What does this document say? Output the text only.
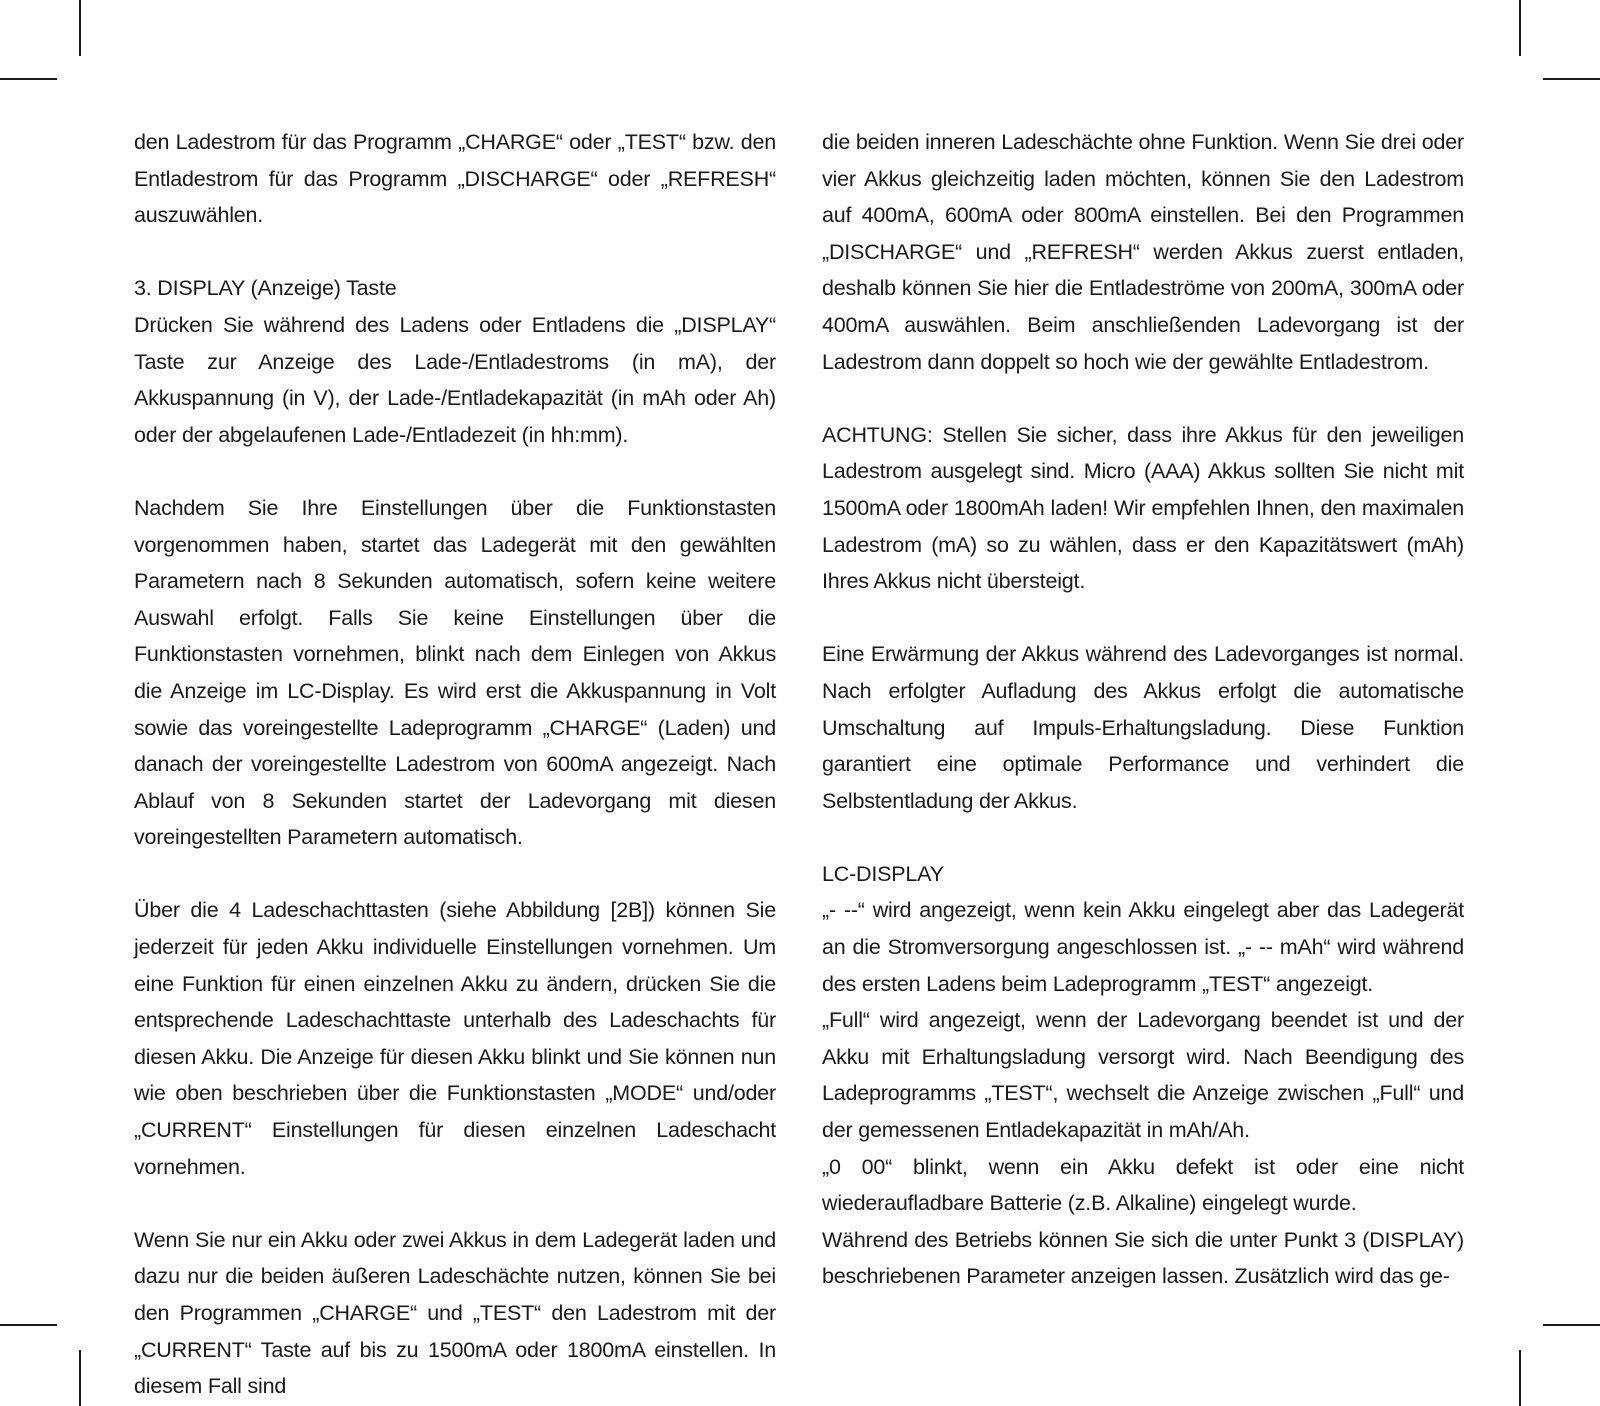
den Ladestrom für das Programm „CHARGE“ oder „TEST“ bzw. den Entladestrom für das Programm „DISCHARGE“ oder „REFRESH“ auszuwählen.

3. DISPLAY (Anzeige) Taste

Drücken Sie während des Ladens oder Entladens die „DISPLAY“ Taste zur Anzeige des Lade-/Entladestroms (in mA), der Akkuspannung (in V), der Lade-/Entladekapazität (in mAh oder Ah) oder der abgelaufenen Lade-/Entladezeit (in hh:mm).

Nachdem Sie Ihre Einstellungen über die Funktionstasten vorgenommen haben, startet das Ladegerät mit den gewählten Parametern nach 8 Sekunden automatisch, sofern keine weitere Auswahl erfolgt. Falls Sie keine Einstellungen über die Funktionstasten vornehmen, blinkt nach dem Einlegen von Akkus die Anzeige im LC-Display. Es wird erst die Akkuspannung in Volt sowie das voreingestellte Ladeprogramm „CHARGE“ (Laden) und danach der voreingestellte Ladestrom von 600mA angezeigt. Nach Ablauf von 8 Sekunden startet der Ladevorgang mit diesen voreingestellten Parametern automatisch.

Über die 4 Ladeschachttasten (siehe Abbildung [2B]) können Sie jederzeit für jeden Akku individuelle Einstellungen vornehmen. Um eine Funktion für einen einzelnen Akku zu ändern, drücken Sie die entsprechende Ladeschachttaste unterhalb des Ladeschachts für diesen Akku. Die Anzeige für diesen Akku blinkt und Sie können nun wie oben beschrieben über die Funktionstasten „MODE“ und/oder „CURRENT“ Einstellungen für diesen einzelnen Ladeschacht vornehmen.

Wenn Sie nur ein Akku oder zwei Akkus in dem Ladegerät laden und dazu nur die beiden äußeren Ladeschächte nutzen, können Sie bei den Programmen „CHARGE“ und „TEST“ den Ladestrom mit der „CURRENT“ Taste auf bis zu 1500mA oder 1800mA einstellen. In diesem Fall sind

die beiden inneren Ladeschächte ohne Funktion. Wenn Sie drei oder vier Akkus gleichzeitig laden möchten, können Sie den Ladestrom auf 400mA, 600mA oder 800mA einstellen. Bei den Programmen „DISCHARGE“ und „REFRESH“ werden Akkus zuerst entladen, deshalb können Sie hier die Entladeströme von 200mA, 300mA oder 400mA auswählen. Beim anschließenden Ladevorgang ist der Ladestrom dann doppelt so hoch wie der gewählte Entladestrom.

ACHTUNG: Stellen Sie sicher, dass ihre Akkus für den jeweiligen Ladestrom ausgelegt sind. Micro (AAA) Akkus sollten Sie nicht mit 1500mA oder 1800mAh laden! Wir empfehlen Ihnen, den maximalen Ladestrom (mA) so zu wählen, dass er den Kapazitätswert (mAh) Ihres Akkus nicht übersteigt.

Eine Erwärmung der Akkus während des Ladevorganges ist normal. Nach erfolgter Aufladung des Akkus erfolgt die automatische Umschaltung auf Impuls-Erhaltungsladung. Diese Funktion garantiert eine optimale Performance und verhindert die Selbstentladung der Akkus.

LC-DISPLAY

„- --“ wird angezeigt, wenn kein Akku eingelegt aber das Ladegerät an die Stromversorgung angeschlossen ist. „- -- mAh“ wird während des ersten Ladens beim Ladeprogramm „TEST“ angezeigt.

„Full“ wird angezeigt, wenn der Ladevorgang beendet ist und der Akku mit Erhaltungsladung versorgt wird. Nach Beendigung des Ladeprogramms „TEST“, wechselt die Anzeige zwischen „Full“ und der gemessenen Entladekapazität in mAh/Ah.

„0 00“ blinkt, wenn ein Akku defekt ist oder eine nicht wiederaufladbare Batterie (z.B. Alkaline) eingelegt wurde.

Während des Betriebs können Sie sich die unter Punkt 3 (DISPLAY) beschriebenen Parameter anzeigen lassen. Zusätzlich wird das ge-
